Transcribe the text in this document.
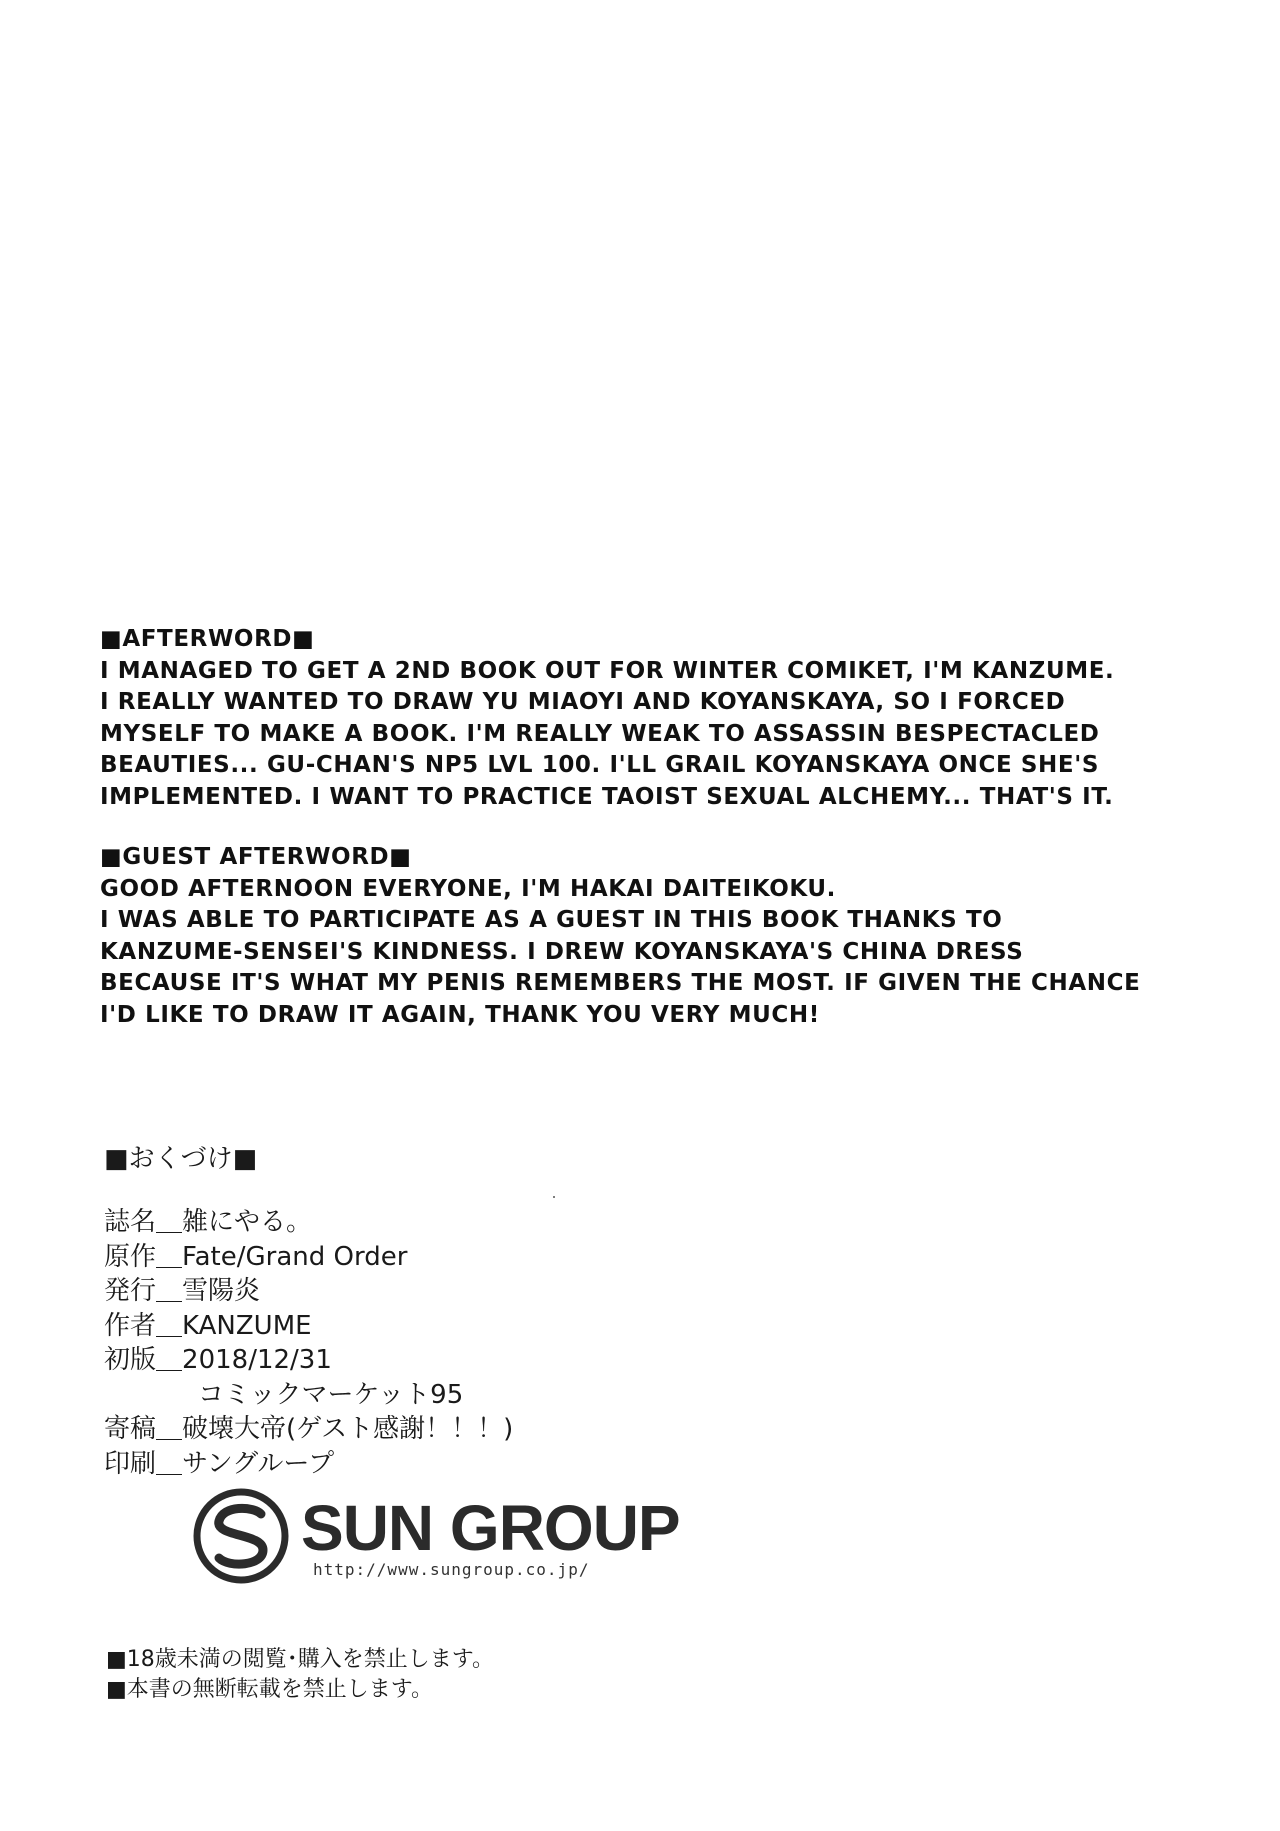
■AFTERWORD■
I MANAGED TO GET A 2ND BOOK OUT FOR WINTER COMIKET, I'M KANZUME.
I REALLY WANTED TO DRAW YU MIAOYI AND KOYANSKAYA, SO I FORCED
MYSELF TO MAKE A BOOK. I'M REALLY WEAK TO ASSASSIN BESPECTACLED
BEAUTIES... GU-CHAN'S NP5 LVL 100. I'LL GRAIL KOYANSKAYA ONCE SHE'S
IMPLEMENTED. I WANT TO PRACTICE TAOIST SEXUAL ALCHEMY... THAT'S IT.
■GUEST AFTERWORD■
GOOD AFTERNOON EVERYONE, I'M HAKAI DAITEIKOKU.
I WAS ABLE TO PARTICIPATE AS A GUEST IN THIS BOOK THANKS TO
KANZUME-SENSEI'S KINDNESS. I DREW KOYANSKAYA'S CHINA DRESS
BECAUSE IT'S WHAT MY PENIS REMEMBERS THE MOST. IF GIVEN THE CHANCE
I'D LIKE TO DRAW IT AGAIN, THANK YOU VERY MUCH!
■おくづけ■
誌名＿雑にやる。
原作＿Fate/Grand Order
発行＿雪陽炎
作者＿KANZUME
初版＿2018/12/31
コミックマーケット95
寄稿＿破壊大帝(ゲスト感謝！！！)
印刷＿サングループ
SUN GROUP
http://www.sungroup.co.jp/
■18歳未満の閲覧･購入を禁止します。
■本書の無断転載を禁止します。
